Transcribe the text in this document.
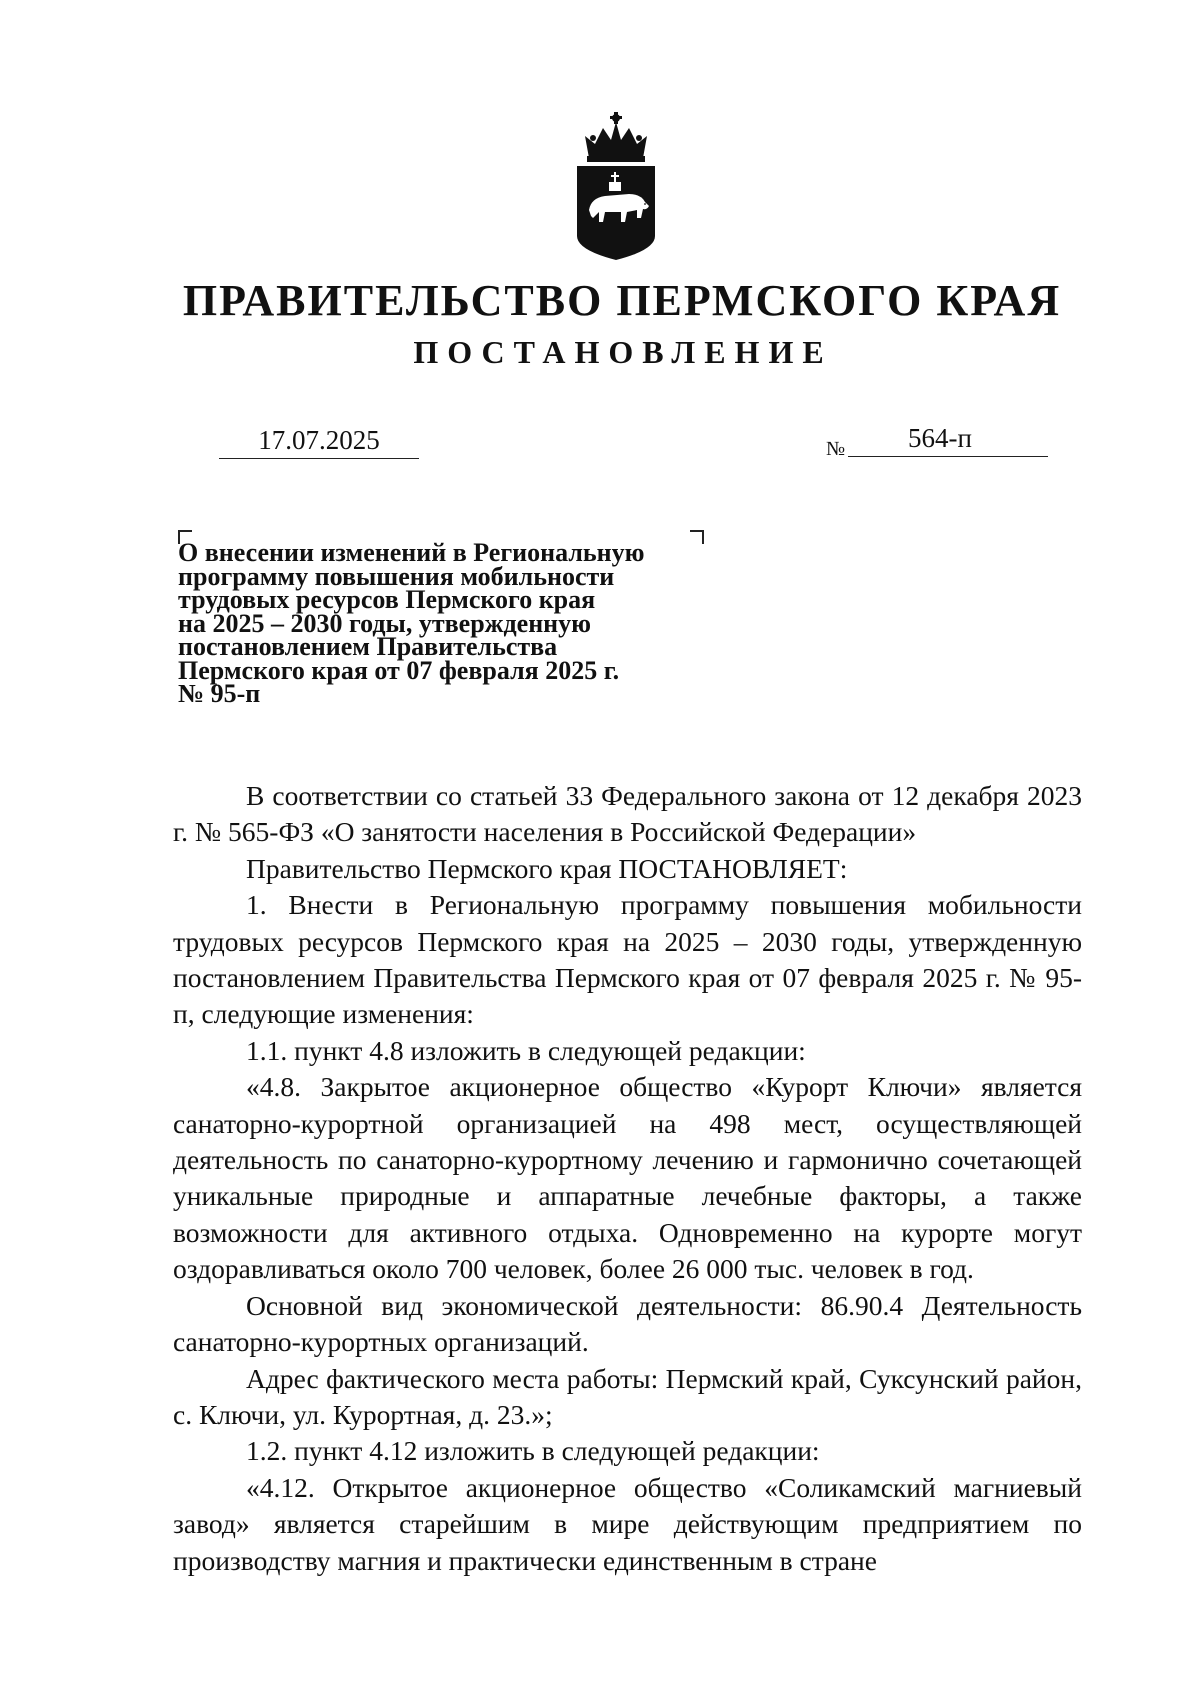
ПРАВИТЕЛЬСТВО ПЕРМСКОГО КРАЯ
ПОСТАНОВЛЕНИЕ
17.07.2025	№	564-п
О внесении изменений в Региональную
программу повышения мобильности
трудовых ресурсов Пермского края
на 2025 – 2030 годы, утвержденную
постановлением Правительства
Пермского края от 07 февраля 2025 г.
№ 95-п

В соответствии со статьей 33 Федерального закона от 12 декабря 2023 г. № 565-ФЗ «О занятости населения в Российской Федерации»

Правительство Пермского края ПОСТАНОВЛЯЕТ:

1. Внести в Региональную программу повышения мобильности трудовых ресурсов Пермского края на 2025 – 2030 годы, утвержденную постановлением Правительства Пермского края от 07 февраля 2025 г. № 95-п, следующие изменения:

1.1. пункт 4.8 изложить в следующей редакции:

«4.8. Закрытое акционерное общество «Курорт Ключи» является санаторно-курортной организацией на 498 мест, осуществляющей деятельность по санаторно-курортному лечению и гармонично сочетающей уникальные природные и аппаратные лечебные факторы, а также возможности для активного отдыха. Одновременно на курорте могут оздоравливаться около 700 человек, более 26 000 тыс. человек в год.

Основной вид экономической деятельности: 86.90.4 Деятельность санаторно-курортных организаций.

Адрес фактического места работы: Пермский край, Суксунский район, с. Ключи, ул. Курортная, д. 23.»;

1.2. пункт 4.12 изложить в следующей редакции:

«4.12. Открытое акционерное общество «Соликамский магниевый завод» является старейшим в мире действующим предприятием по производству магния и практически единственным в стране
